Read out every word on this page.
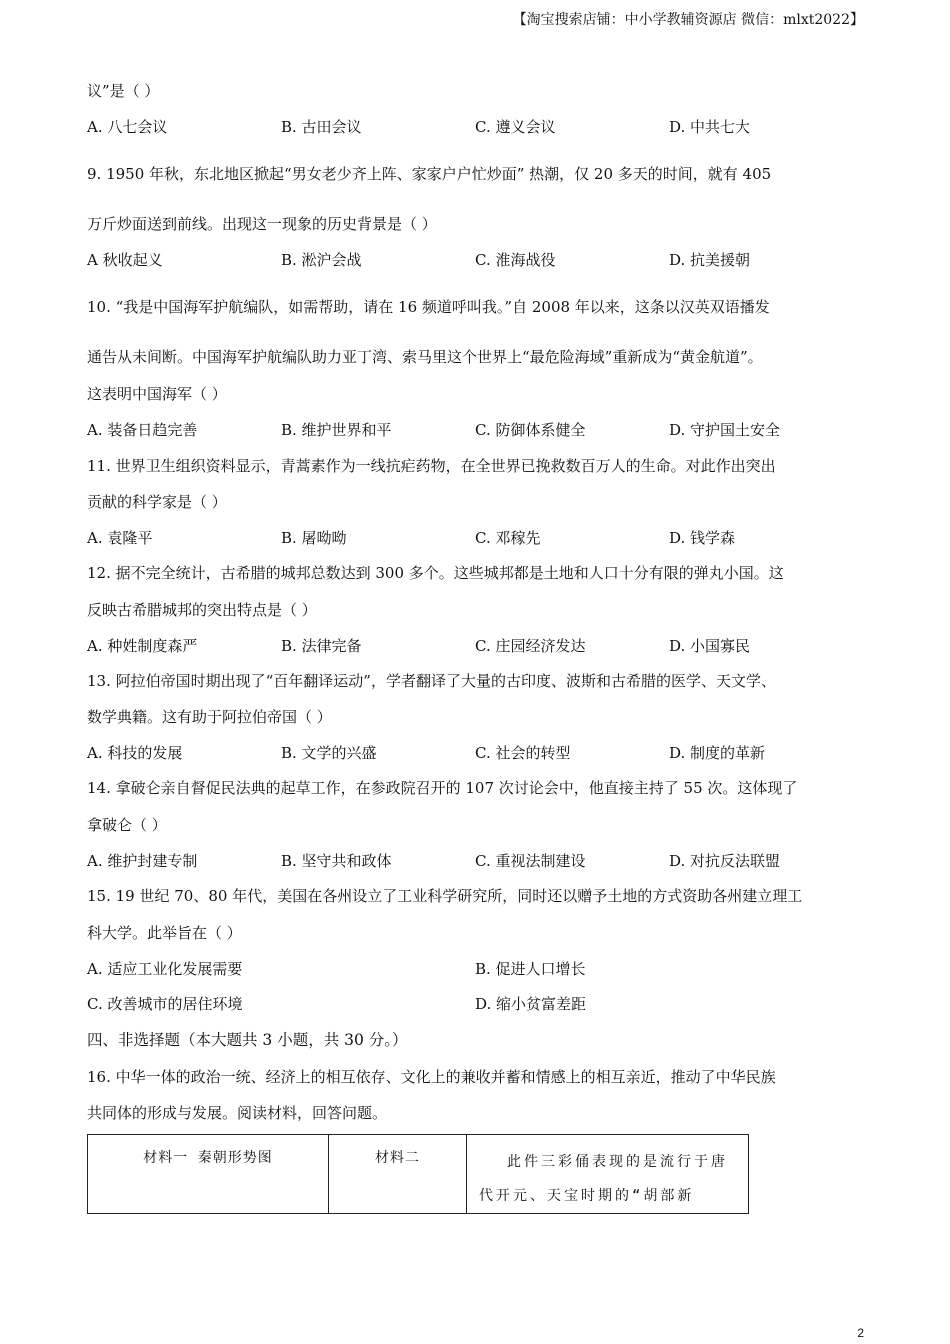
【淘宝搜索店铺：中小学教辅资源店 微信：mlxt2022】
议”是（ ）
A. 八七会议	B. 古田会议	C. 遵义会议	D. 中共七大
9. 1950 年秋，东北地区掀起“男女老少齐上阵、家家户户忙炒面” 热潮，仅 20 多天的时间，就有 405
万斤炒面送到前线。出现这一现象的历史背景是（ ）
A 秋收起义	B. 淞沪会战	C. 淮海战役	D. 抗美援朝
10. “我是中国海军护航编队，如需帮助，请在 16 频道呼叫我。”自 2008 年以来，这条以汉英双语播发
通告从未间断。中国海军护航编队助力亚丁湾、索马里这个世界上“最危险海域”重新成为“黄金航道”。
这表明中国海军（ ）
A. 装备日趋完善	B. 维护世界和平	C. 防御体系健全	D. 守护国土安全
11. 世界卫生组织资料显示，青蒿素作为一线抗疟药物，在全世界已挽救数百万人的生命。对此作出突出
贡献的科学家是（ ）
A. 袁隆平	B. 屠呦呦	C. 邓稼先	D. 钱学森
12. 据不完全统计，古希腊的城邦总数达到 300 多个。这些城邦都是土地和人口十分有限的弹丸小国。这
反映古希腊城邦的突出特点是（ ）
A. 种姓制度森严	B. 法律完备	C. 庄园经济发达	D. 小国寡民
13. 阿拉伯帝国时期出现了“百年翻译运动”，学者翻译了大量的古印度、波斯和古希腊的医学、天文学、
数学典籍。这有助于阿拉伯帝国（ ）
A. 科技的发展	B. 文学的兴盛	C. 社会的转型	D. 制度的革新
14. 拿破仑亲自督促民法典的起草工作，在参政院召开的 107 次讨论会中，他直接主持了 55 次。这体现了
拿破仑（ ）
A. 维护封建专制	B. 坚守共和政体	C. 重视法制建设	D. 对抗反法联盟
15. 19 世纪 70、80 年代，美国在各州设立了工业科学研究所，同时还以赠予土地的方式资助各州建立理工
科大学。此举旨在（ ）
A. 适应工业化发展需要	B. 促进人口增长
C. 改善城市的居住环境	D. 缩小贫富差距
四、非选择题（本大题共 3 小题，共 30 分。）
16. 中华一体的政治一统、经济上的相互依存、文化上的兼收并蓄和情感上的相互亲近，推动了中华民族
共同体的形成与发展。阅读材料，回答问题。
材料一 秦朝形势图	材料二	此件三彩俑表现的是流行于唐代开元、天宝时期的“胡部新
2
